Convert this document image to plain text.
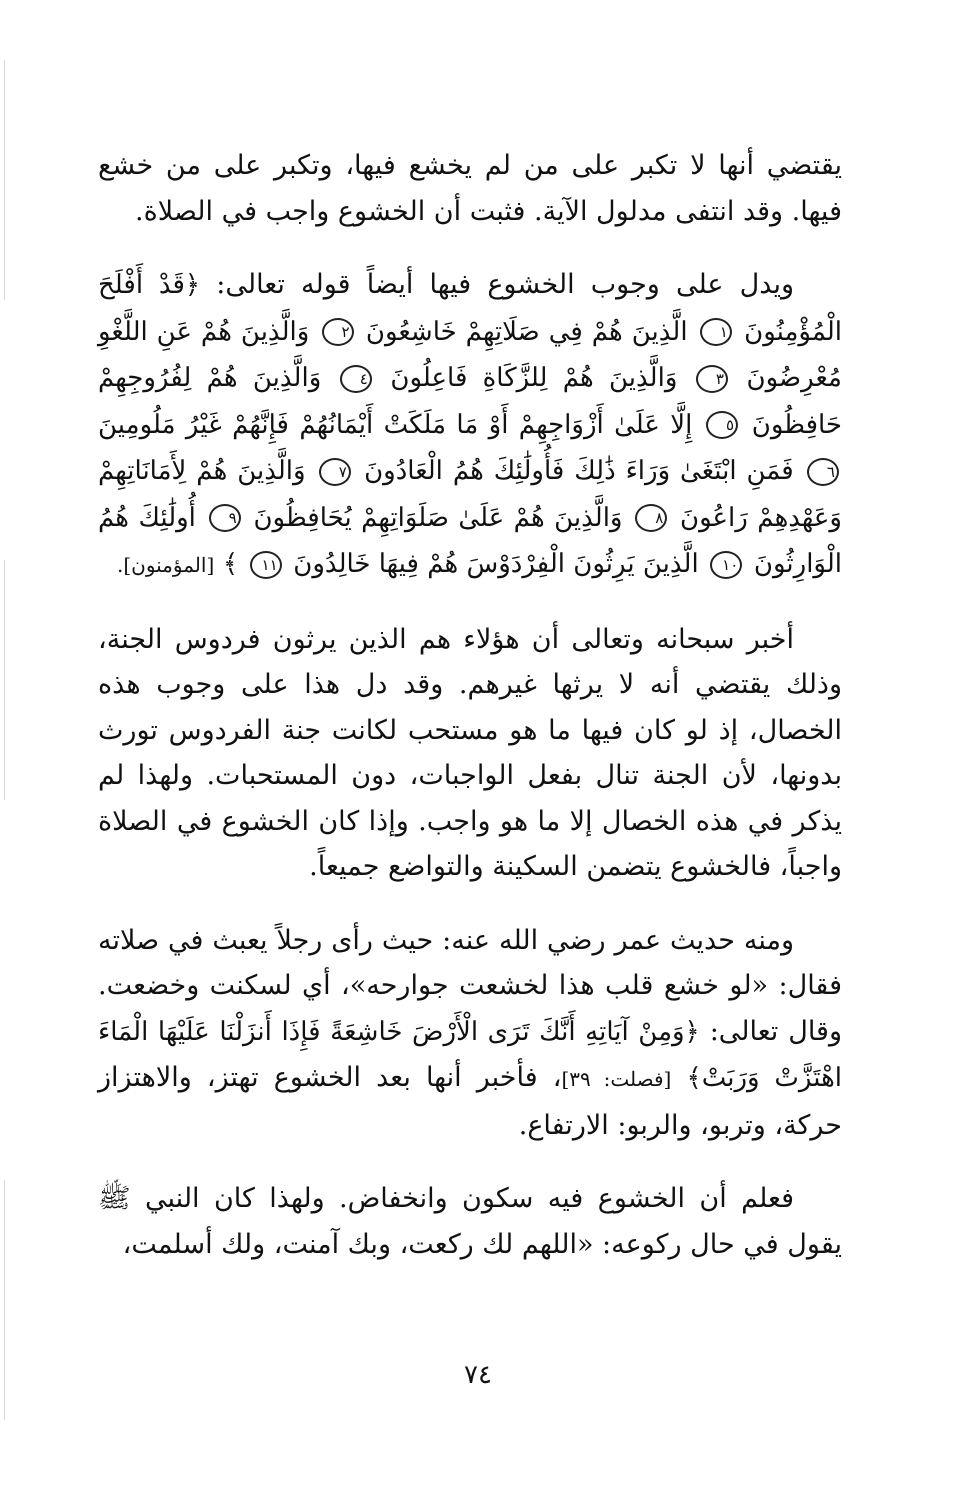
يقتضي أنها لا تكبر على من لم يخشع فيها، وتكبر على من خشع فيها. وقد انتفى مدلول الآية. فثبت أن الخشوع واجب في الصلاة.

ويدل على وجوب الخشوع فيها أيضاً قوله تعالى: ﴿قَدْ أَفْلَحَ الْمُؤْمِنُونَ ١ الَّذِينَ هُمْ فِي صَلَاتِهِمْ خَاشِعُونَ ٢ وَالَّذِينَ هُمْ عَنِ اللَّغْوِ مُعْرِضُونَ ٣ وَالَّذِينَ هُمْ لِلزَّكَاةِ فَاعِلُونَ ٤ وَالَّذِينَ هُمْ لِفُرُوجِهِمْ حَافِظُونَ ٥ إِلَّا عَلَىٰ أَزْوَاجِهِمْ أَوْ مَا مَلَكَتْ أَيْمَانُهُمْ فَإِنَّهُمْ غَيْرُ مَلُومِينَ ٦ فَمَنِ ابْتَغَىٰ وَرَاءَ ذَٰلِكَ فَأُولَٰئِكَ هُمُ الْعَادُونَ ٧ وَالَّذِينَ هُمْ لِأَمَانَاتِهِمْ وَعَهْدِهِمْ رَاعُونَ ٨ وَالَّذِينَ هُمْ عَلَىٰ صَلَوَاتِهِمْ يُحَافِظُونَ ٩ أُولَٰئِكَ هُمُ الْوَارِثُونَ ١٠ الَّذِينَ يَرِثُونَ الْفِرْدَوْسَ هُمْ فِيهَا خَالِدُونَ ١١ ﴾ [المؤمنون].

أخبر سبحانه وتعالى أن هؤلاء هم الذين يرثون فردوس الجنة، وذلك يقتضي أنه لا يرثها غيرهم. وقد دل هذا على وجوب هذه الخصال، إذ لو كان فيها ما هو مستحب لكانت جنة الفردوس تورث بدونها، لأن الجنة تنال بفعل الواجبات، دون المستحبات. ولهذا لم يذكر في هذه الخصال إلا ما هو واجب. وإذا كان الخشوع في الصلاة واجباً، فالخشوع يتضمن السكينة والتواضع جميعاً.

ومنه حديث عمر رضي الله عنه: حيث رأى رجلاً يعبث في صلاته فقال: «لو خشع قلب هذا لخشعت جوارحه»، أي لسكنت وخضعت. وقال تعالى: ﴿وَمِنْ آيَاتِهِ أَنَّكَ تَرَى الْأَرْضَ خَاشِعَةً فَإِذَا أَنزَلْنَا عَلَيْهَا الْمَاءَ اهْتَزَّتْ وَرَبَتْ﴾ [فصلت: ٣٩]، فأخبر أنها بعد الخشوع تهتز، والاهتزاز حركة، وتربو، والربو: الارتفاع.

فعلم أن الخشوع فيه سكون وانخفاض. ولهذا كان النبي ﷺ يقول في حال ركوعه: «اللهم لك ركعت، وبك آمنت، ولك أسلمت،

٧٤
